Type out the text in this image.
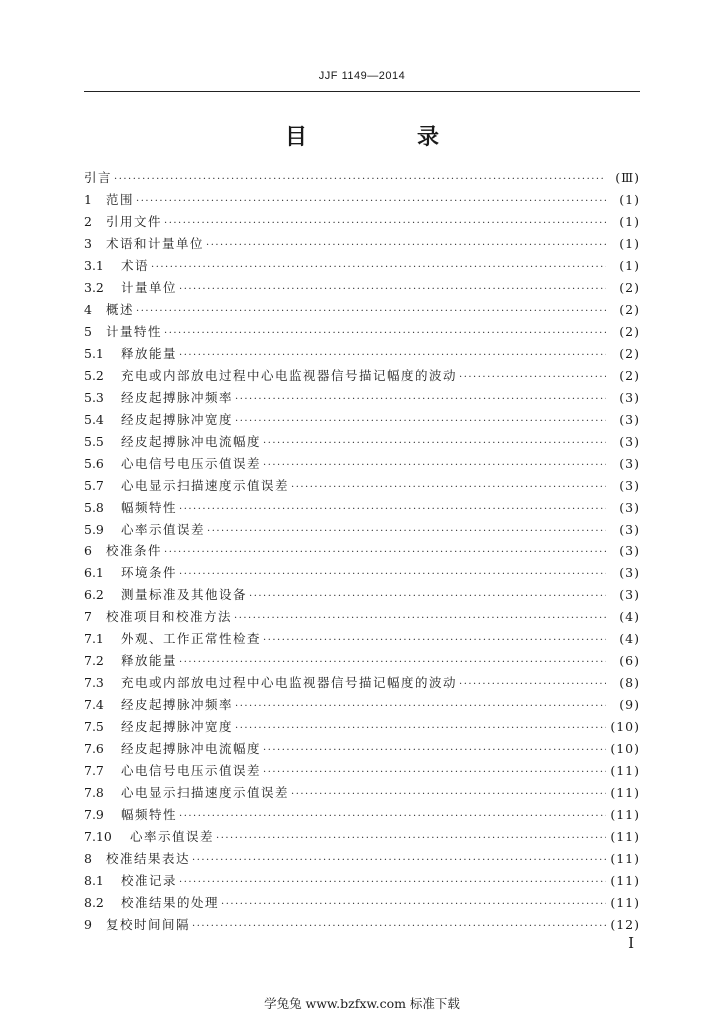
JJF 1149—2014
目　录
引言 ·····	(Ⅲ)
1	范围 ·····	(1)
2	引用文件 ·····	(1)
3	术语和计量单位 ·····	(1)
3.1	术语 ·····	(1)
3.2	计量单位 ·····	(2)
4	概述 ·····	(2)
5	计量特性 ·····	(2)
5.1	释放能量 ·····	(2)
5.2	充电或内部放电过程中心电监视器信号描记幅度的波动 ·····	(2)
5.3	经皮起搏脉冲频率 ·····	(3)
5.4	经皮起搏脉冲宽度 ·····	(3)
5.5	经皮起搏脉冲电流幅度 ·····	(3)
5.6	心电信号电压示值误差 ·····	(3)
5.7	心电显示扫描速度示值误差 ·····	(3)
5.8	幅频特性 ·····	(3)
5.9	心率示值误差 ·····	(3)
6	校准条件 ·····	(3)
6.1	环境条件 ·····	(3)
6.2	测量标准及其他设备 ·····	(3)
7	校准项目和校准方法 ·····	(4)
7.1	外观、工作正常性检查 ·····	(4)
7.2	释放能量 ·····	(6)
7.3	充电或内部放电过程中心电监视器信号描记幅度的波动 ·····	(8)
7.4	经皮起搏脉冲频率 ·····	(9)
7.5	经皮起搏脉冲宽度 ·····	(10)
7.6	经皮起搏脉冲电流幅度 ·····	(10)
7.7	心电信号电压示值误差 ·····	(11)
7.8	心电显示扫描速度示值误差 ·····	(11)
7.9	幅频特性 ·····	(11)
7.10	心率示值误差 ·····	(11)
8	校准结果表达 ·····	(11)
8.1	校准记录 ·····	(11)
8.2	校准结果的处理 ·····	(11)
9	复校时间间隔 ·····	(12)
I
学兔兔 www.bzfxw.com 标准下载
